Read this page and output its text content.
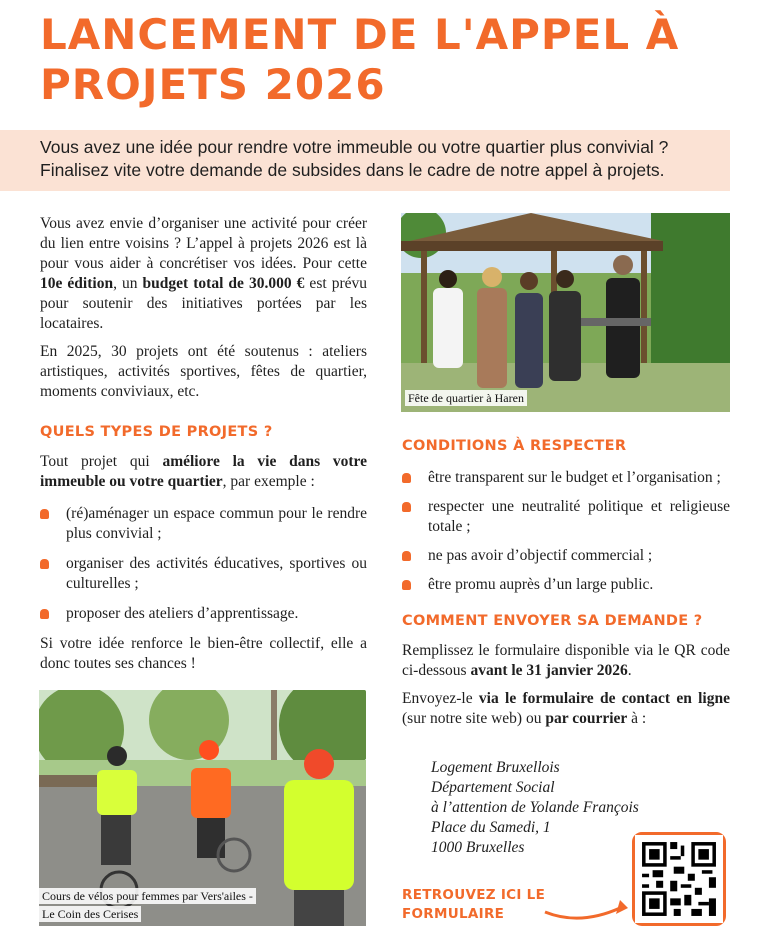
LANCEMENT DE L'APPEL À PROJETS 2026
Vous avez une idée pour rendre votre immeuble ou votre quartier plus convivial ? Finalisez vite votre demande de subsides dans le cadre de notre appel à projets.

Vous avez envie d’organiser une activité pour créer du lien entre voisins ? L’appel à projets 2026 est là pour vous aider à concrétiser vos idées. Pour cette 10e édition, un budget total de 30.000 € est prévu pour soutenir des initiatives portées par les locataires.

En 2025, 30 projets ont été soutenus : ateliers artistiques, activités sportives, fêtes de quartier, moments conviviaux, etc.

QUELS TYPES DE PROJETS ?

Tout projet qui améliore la vie dans votre immeuble ou votre quartier, par exemple :

(ré)aménager un espace commun pour le rendre plus convivial ;
organiser des activités éducatives, sportives ou culturelles ;
proposer des ateliers d’apprentissage.

Si votre idée renforce le bien-être collectif, elle a donc toutes ses chances !

Cours de vélos pour femmes par Vers'ailes -
Le Coin des Cerises
Fête de quartier à Haren
CONDITIONS À RESPECTER
être transparent sur le budget et l’organisation ;
respecter une neutralité politique et religieuse totale ;
ne pas avoir d’objectif commercial ;
être promu auprès d’un large public.
COMMENT ENVOYER SA DEMANDE ?

Remplissez le formulaire disponible via le QR code ci-dessous avant le 31 janvier 2026.

Envoyez-le via le formulaire de contact en ligne (sur notre site web) ou par courrier à :

Logement Bruxellois
Département Social
à l’attention de Yolande François
Place du Samedi, 1
1000 Bruxelles
RETROUVEZ ICI LE
FORMULAIRE
